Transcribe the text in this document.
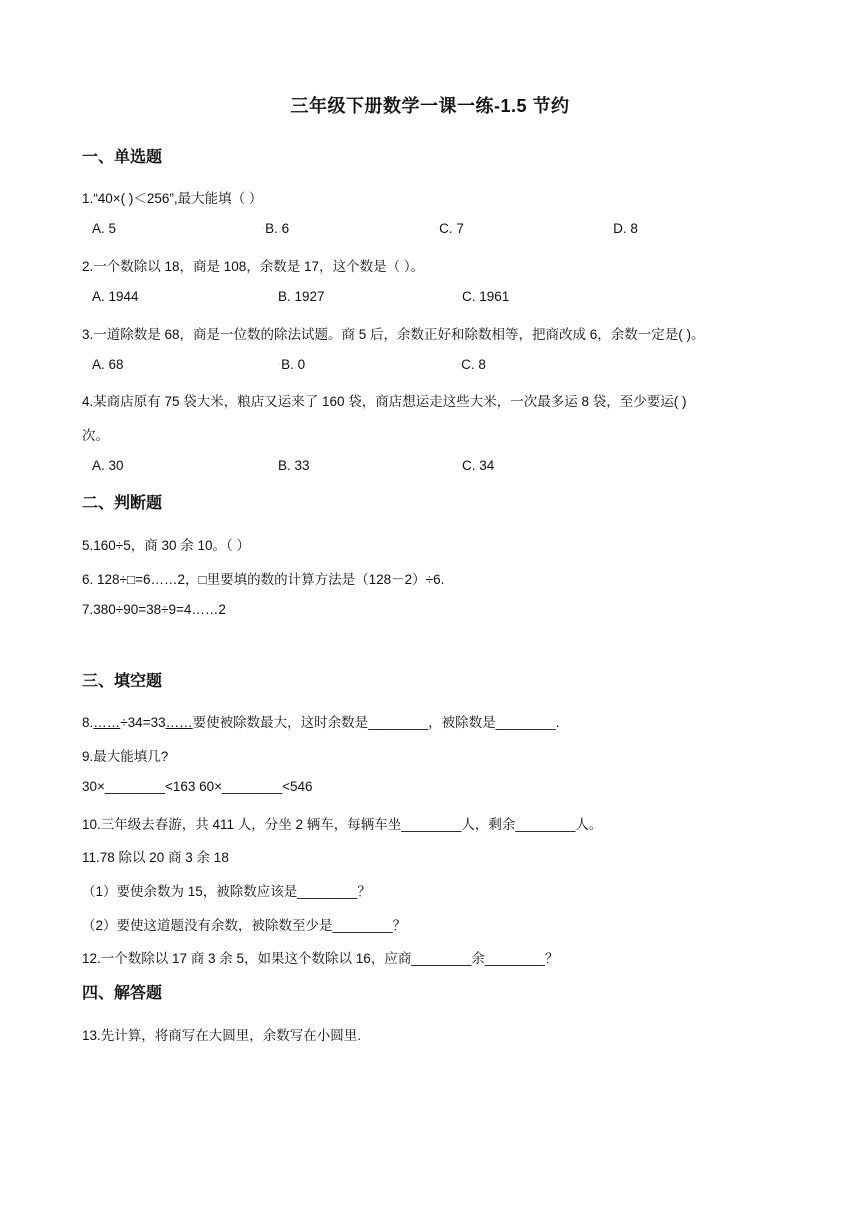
三年级下册数学一课一练-1.5 节约
一、单选题
1.“40×( )＜256”,最大能填（ ）
A. 5	◦B. 6	◦C. 7	◦D. 8
2.一个数除以 18，商是 108，余数是 17，这个数是（ ）。
A. 1944	B. 1927	C. 1961
3.一道除数是 68，商是一位数的除法试题。商 5 后，余数正好和除数相等，把商改成 6，余数一定是( )。
A. 68	◦B. 0	◦C. 8
4.某商店原有 75 袋大米，粮店又运来了 160 袋，商店想运走这些大米，一次最多运 8 袋，至少要运( )
次。
A. 30	B. 33	C. 34
二、判断题
5.160÷5，商 30 余 10。（ ）
6. 128÷□=6……2，□里要填的数的计算方法是（128－2）÷6.
7.380÷90=38÷9=4……2
三、填空题
8.……÷34=33……要使被除数最大，这时余数是________，被除数是________.
9.最大能填几?
30×________<163 60×________<546
10.三年级去春游，共 411 人，分坐 2 辆车，每辆车坐________人，剩余________人。
11.78 除以 20 商 3 余 18
（1）要使余数为 15，被除数应该是________？
（2）要使这道题没有余数，被除数至少是________？
12.一个数除以 17 商 3 余 5，如果这个数除以 16，应商________余________？
四、解答题
13.先计算，将商写在大圆里，余数写在小圆里.
